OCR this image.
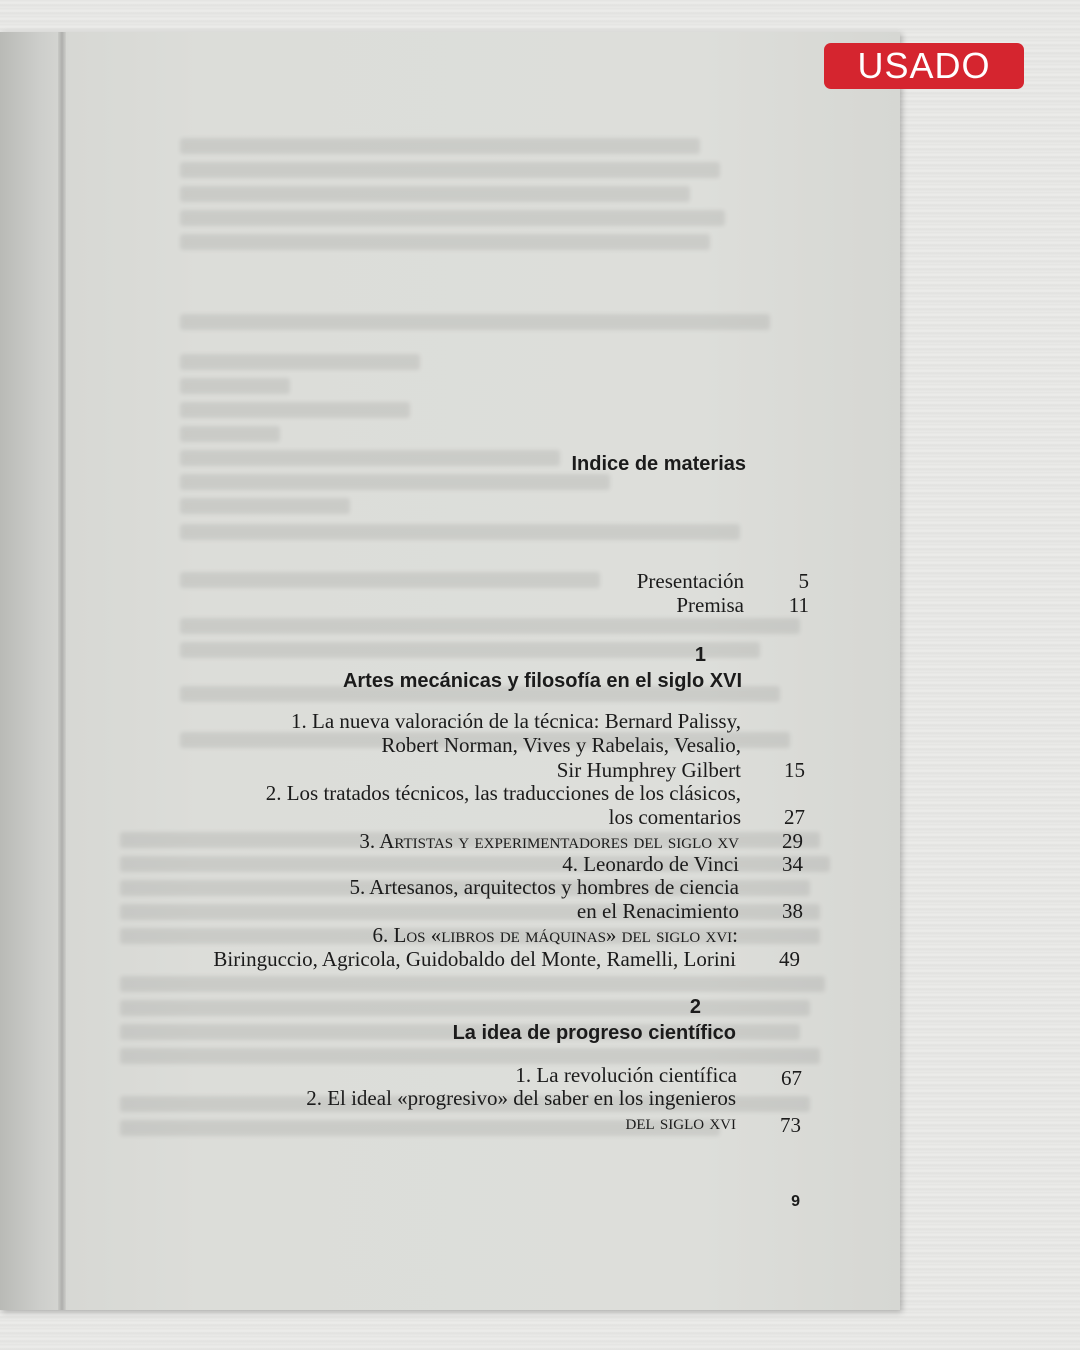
USADO
Indice de materias
Presentación	5
Premisa	11
1
Artes mecánicas y filosofía en el siglo XVI
1. La nueva valoración de la técnica: Bernard Palissy,
Robert Norman, Vives y Rabelais, Vesalio,
Sir Humphrey Gilbert	15
2. Los tratados técnicos, las traducciones de los clásicos,
los comentarios	27
3. Artistas y experimentadores del siglo xv	29
4. Leonardo de Vinci	34
5. Artesanos, arquitectos y hombres de ciencia
en el Renacimiento	38
6. Los «libros de máquinas» del siglo xvi:
Biringuccio, Agricola, Guidobaldo del Monte, Ramelli, Lorini	49
2
La idea de progreso científico
1. La revolución científica	67
2. El ideal «progresivo» del saber en los ingenieros
del siglo xvi	73
9
